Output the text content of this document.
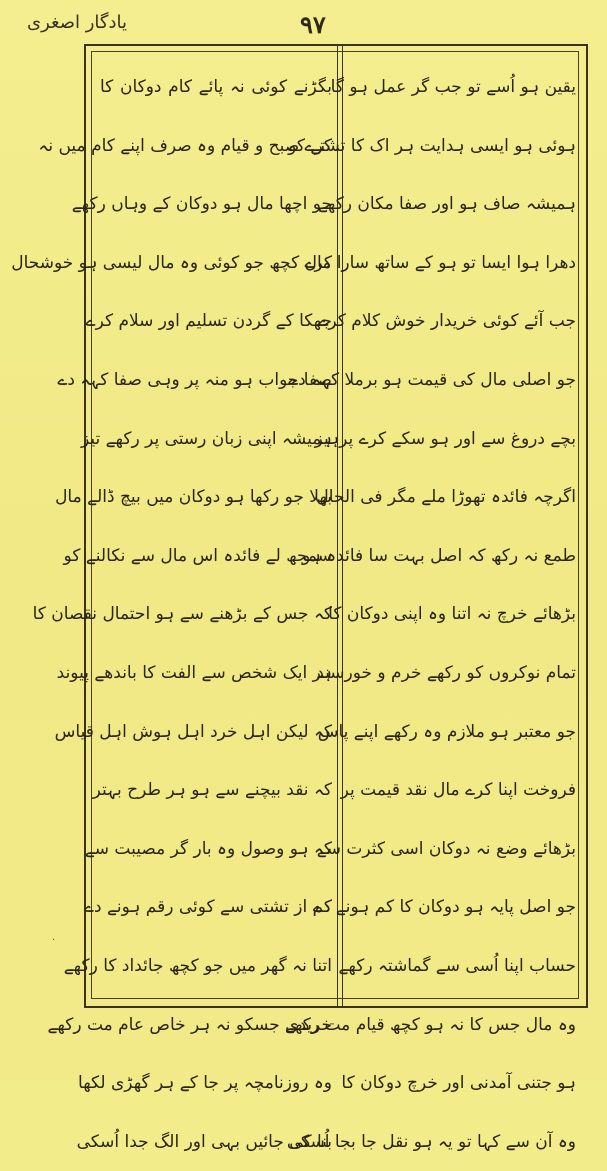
یادگار اصغری	۹۷
·
یقین ہو اُسے تو جب گر عمل ہو گا
ہوئی ہو ایسی ہدایت ہر اک کا تشتے کو
ہمیشہ صاف ہو اور صفا مکان رکھے
دھرا ہوا ایسا تو ہو کے ساتھ سارا مال
جب آئے کوئی خریدار خوش کلام کرے
جو اصلی مال کی قیمت ہو برملا کہہ دے
بچے دروغ سے اور ہو سکے کرے پرہیز
اگرچہ فائدہ تھوڑا ملے مگر فی الحال
طمع نہ رکھ کہ اصل بہت سا فائدہ ہو
بڑھائے خرچ نہ اتنا وہ اپنی دوکان کا
تمام نوکروں کو رکھے خرم و خورسند
جو معتبر ہو ملازم وہ رکھے اپنے پاس
فروخت اپنا کرے مال نقد قیمت پر
بڑھائے وضع نہ دوکان اسی کثرت سے
جو اصل پایہ ہو دوکان کا کم ہونے دے
حساب اپنا اُسی سے گماشتہ رکھے
وہ مال جس کا نہ ہو کچھ قیام مت رکھے
ہو جتنی آمدنی اور خرچ دوکان کا
وہ آن سے کہا تو یہ ہو نقل جا بجا اُسکی
بگڑنے کوئی نہ پائے کام دوکان کا
کرے صبح و قیام وہ صرف اپنے کام میں نہ
جو اچھا مال ہو دوکان کے وہاں رکھے
کرے کچھ جو کوئی وہ مال لیسی ہو خوشحال
جھکا کے گردن تسلیم اور سلام کرے
صفا جواب ہو منہ پر وہی صفا کہہ دے
ہمیشہ اپنی زبان رستی پر رکھے تیز
بھلا جو رکھا ہو دوکان میں بیچ ڈالے مال
سمجھ لے فائدہ اس مال سے نکالنے کو
کہ جس کے بڑھنے سے ہو احتمال نقصان کا
ہر ایک شخص سے الفت کا باندھے پیوند
کہ لیکن اہل خرد اہل ہوش اہل قیاس
کہ نقد بیچنے سے ہو ہر طرح بہتر
کہ ہو وصول وہ بار گر مصیبت سے
کم از تشتی سے کوئی رقم ہونے دے
اتنا نہ گھر میں جو کچھ جائداد کا رکھے
خریدی جسکو نہ ہر خاص عام مت رکھے
وہ روزنامچہ پر جا کے ہر گھڑی لکھا
بنا کی جائیں بہی اور الگ جدا اُسکی
